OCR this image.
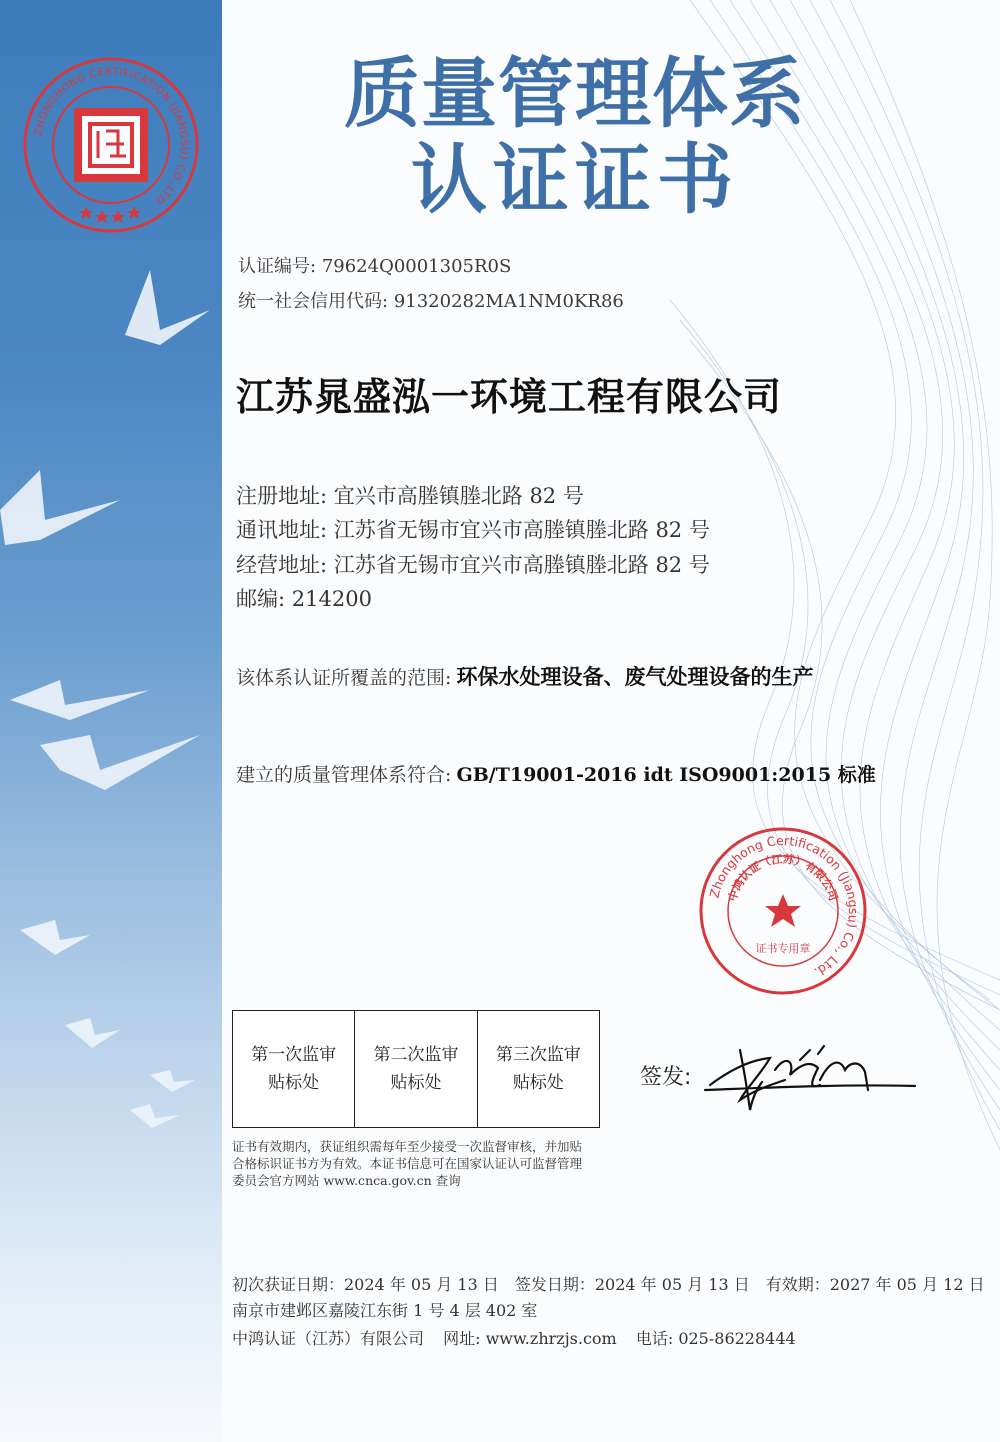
ZHONGHONG CERTIFICATION (JIANGSU) CO.,LTD
质量管理体系
认证证书
认证编号: 79624Q0001305R0S
统一社会信用代码: 91320282MA1NM0KR86
江苏晁盛泓一环境工程有限公司
注册地址: 宜兴市高塍镇塍北路 82 号
通讯地址: 江苏省无锡市宜兴市高塍镇塍北路 82 号
经营地址: 江苏省无锡市宜兴市高塍镇塍北路 82 号
邮编: 214200
该体系认证所覆盖的范围: 环保水处理设备、废气处理设备的生产
建立的质量管理体系符合: GB/T19001-2016 idt ISO9001:2015 标准
Zhonghong Certification (Jiangsu) Co., Ltd.
中鸿认证（江苏）有限公司
证书专用章
第一次监审
贴标处
第二次监审
贴标处
第三次监审
贴标处	签发:
证书有效期内，获证组织需每年至少接受一次监督审核，并加贴
合格标识证书方为有效。本证书信息可在国家认证认可监督管理
委员会官方网站 www.cnca.gov.cn 查询
初次获证日期：2024 年 05 月 13 日　签发日期：2024 年 05 月 13 日　有效期：2027 年 05 月 12 日
南京市建邺区嘉陵江东街 1 号 4 层 402 室
中鸿认证（江苏）有限公司 网址: www.zhrzjs.com 电话: 025-86228444
